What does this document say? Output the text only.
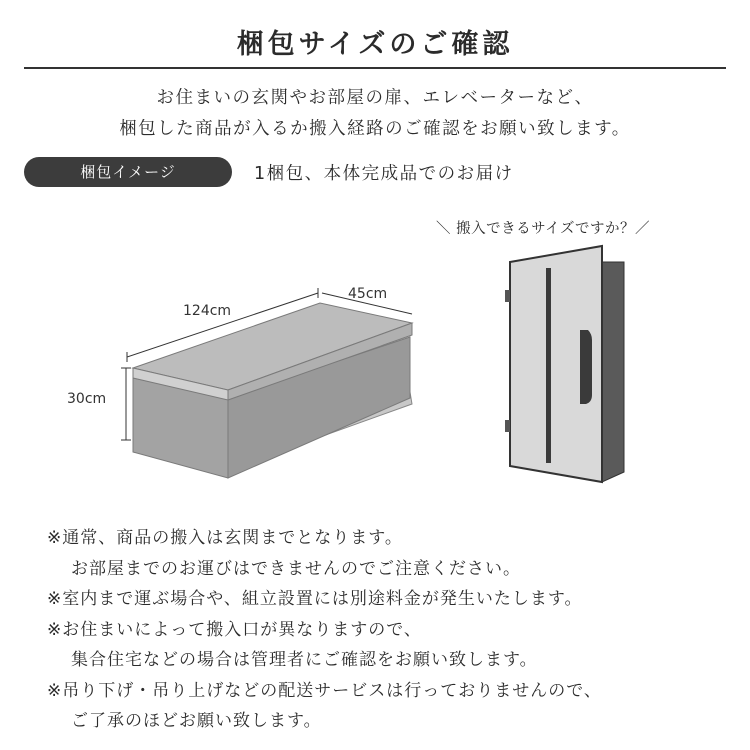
梱包サイズのご確認
お住まいの玄関やお部屋の扉、エレベーターなど、
梱包した商品が入るか搬入経路のご確認をお願い致します。
梱包イメージ	1梱包、本体完成品でのお届け
＼ 搬入できるサイズですか？／
124cm
45cm
30cm
※通常、商品の搬入は玄関までとなります。
お部屋までのお運びはできませんのでご注意ください。
※室内まで運ぶ場合や、組立設置には別途料金が発生いたします。
※お住まいによって搬入口が異なりますので、
集合住宅などの場合は管理者にご確認をお願い致します。
※吊り下げ・吊り上げなどの配送サービスは行っておりませんので、
ご了承のほどお願い致します。
